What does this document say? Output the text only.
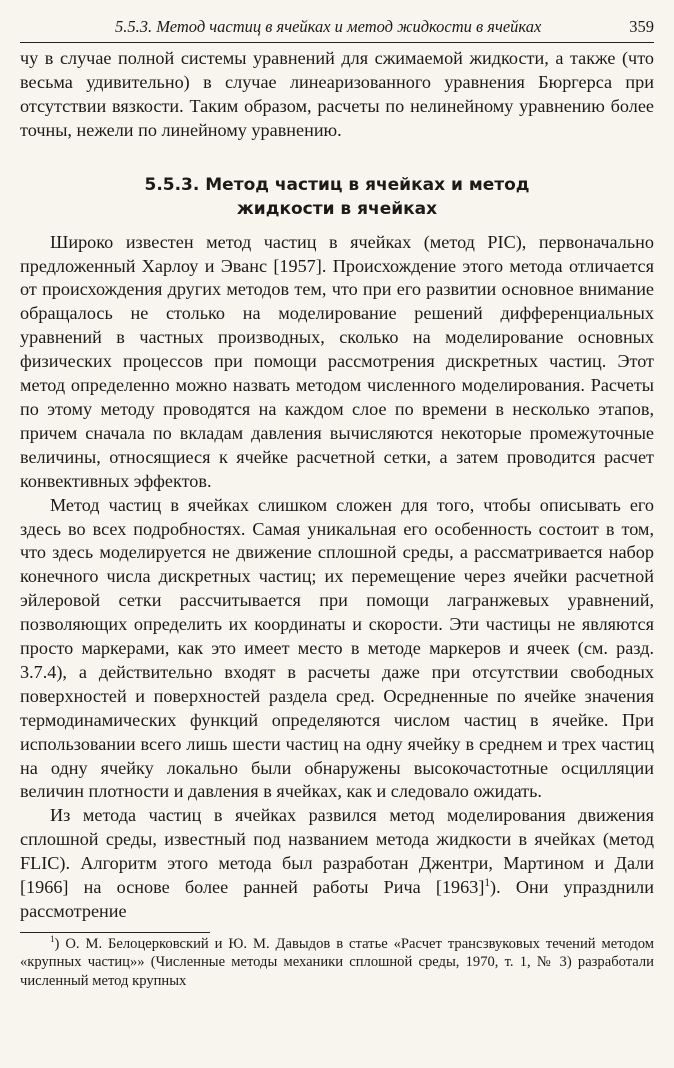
5.5.3. Метод частиц в ячейках и метод жидкости в ячейках	359

чу в случае полной системы уравнений для сжимаемой жидкости, а также (что весьма удивительно) в случае линеаризованного уравнения Бюргерса при отсутствии вязкости. Таким образом, расчеты по нелинейному уравнению более точны, нежели по линейному уравнению.

5.5.3. Метод частиц в ячейках и метод
жидкости в ячейках

Широко известен метод частиц в ячейках (метод PIC), первоначально предложенный Харлоу и Эванс [1957]. Происхождение этого метода отличается от происхождения других методов тем, что при его развитии основное внимание обращалось не столько на моделирование решений дифференциальных уравнений в частных производных, сколько на моделирование основных физических процессов при помощи рассмотрения дискретных частиц. Этот метод определенно можно назвать методом численного моделирования. Расчеты по этому методу проводятся на каждом слое по времени в несколько этапов, причем сначала по вкладам давления вычисляются некоторые промежуточные величины, относящиеся к ячейке расчетной сетки, а затем проводится расчет конвективных эффектов.

Метод частиц в ячейках слишком сложен для того, чтобы описывать его здесь во всех подробностях. Самая уникальная его особенность состоит в том, что здесь моделируется не движение сплошной среды, а рассматривается набор конечного числа дискретных частиц; их перемещение через ячейки расчетной эйлеровой сетки рассчитывается при помощи лагранжевых уравнений, позволяющих определить их координаты и скорости. Эти частицы не являются просто маркерами, как это имеет место в методе маркеров и ячеек (см. разд. 3.7.4), а действительно входят в расчеты даже при отсутствии свободных поверхностей и поверхностей раздела сред. Осредненные по ячейке значения термодинамических функций определяются числом частиц в ячейке. При использовании всего лишь шести частиц на одну ячейку в среднем и трех частиц на одну ячейку локально были обнаружены высокочастотные осцилляции величин плотности и давления в ячейках, как и следовало ожидать.

Из метода частиц в ячейках развился метод моделирования движения сплошной среды, известный под названием метода жидкости в ячейках (метод FLIC). Алгоритм этого метода был разработан Джентри, Мартином и Дали [1966] на основе более ранней работы Рича $[1963]^1$). Они упразднили рассмотрение

$^1$) О. М. Белоцерковский и Ю. М. Давыдов в статье «Расчет трансзвуковых течений методом «крупных частиц»» (Численные методы механики сплошной среды, 1970, т. 1, № 3) разработали численный метод крупных
